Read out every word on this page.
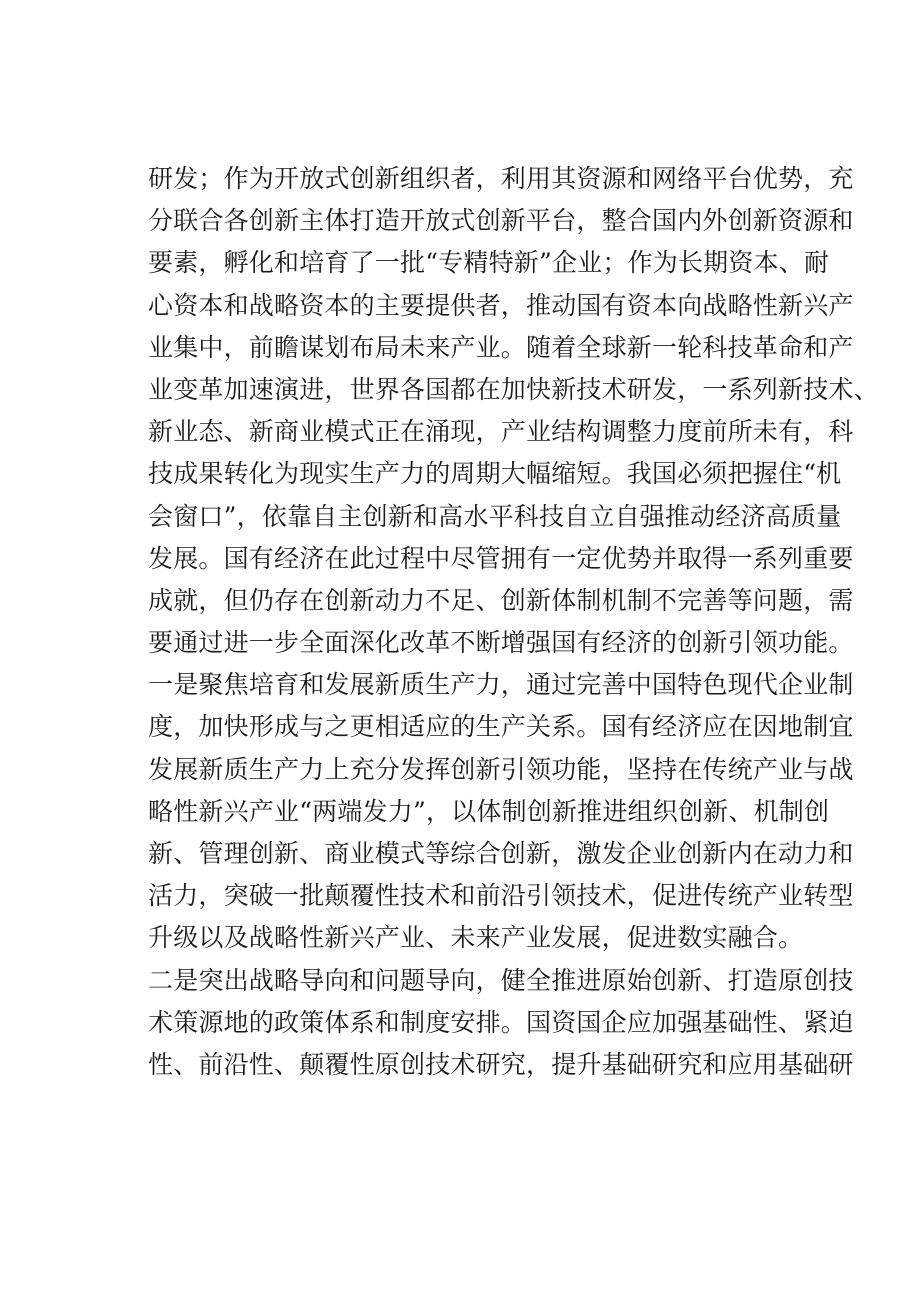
研发；作为开放式创新组织者，利用其资源和网络平台优势，充
分联合各创新主体打造开放式创新平台，整合国内外创新资源和
要素，孵化和培育了一批“专精特新”企业；作为长期资本、耐
心资本和战略资本的主要提供者，推动国有资本向战略性新兴产
业集中，前瞻谋划布局未来产业。随着全球新一轮科技革命和产
业变革加速演进，世界各国都在加快新技术研发，一系列新技术、
新业态、新商业模式正在涌现，产业结构调整力度前所未有，科
技成果转化为现实生产力的周期大幅缩短。我国必须把握住“机
会窗口”，依靠自主创新和高水平科技自立自强推动经济高质量
发展。国有经济在此过程中尽管拥有一定优势并取得一系列重要
成就，但仍存在创新动力不足、创新体制机制不完善等问题，需
要通过进一步全面深化改革不断增强国有经济的创新引领功能。
一是聚焦培育和发展新质生产力，通过完善中国特色现代企业制
度，加快形成与之更相适应的生产关系。国有经济应在因地制宜
发展新质生产力上充分发挥创新引领功能，坚持在传统产业与战
略性新兴产业“两端发力”，以体制创新推进组织创新、机制创
新、管理创新、商业模式等综合创新，激发企业创新内在动力和
活力，突破一批颠覆性技术和前沿引领技术，促进传统产业转型
升级以及战略性新兴产业、未来产业发展，促进数实融合。
二是突出战略导向和问题导向，健全推进原始创新、打造原创技
术策源地的政策体系和制度安排。国资国企应加强基础性、紧迫
性、前沿性、颠覆性原创技术研究，提升基础研究和应用基础研
